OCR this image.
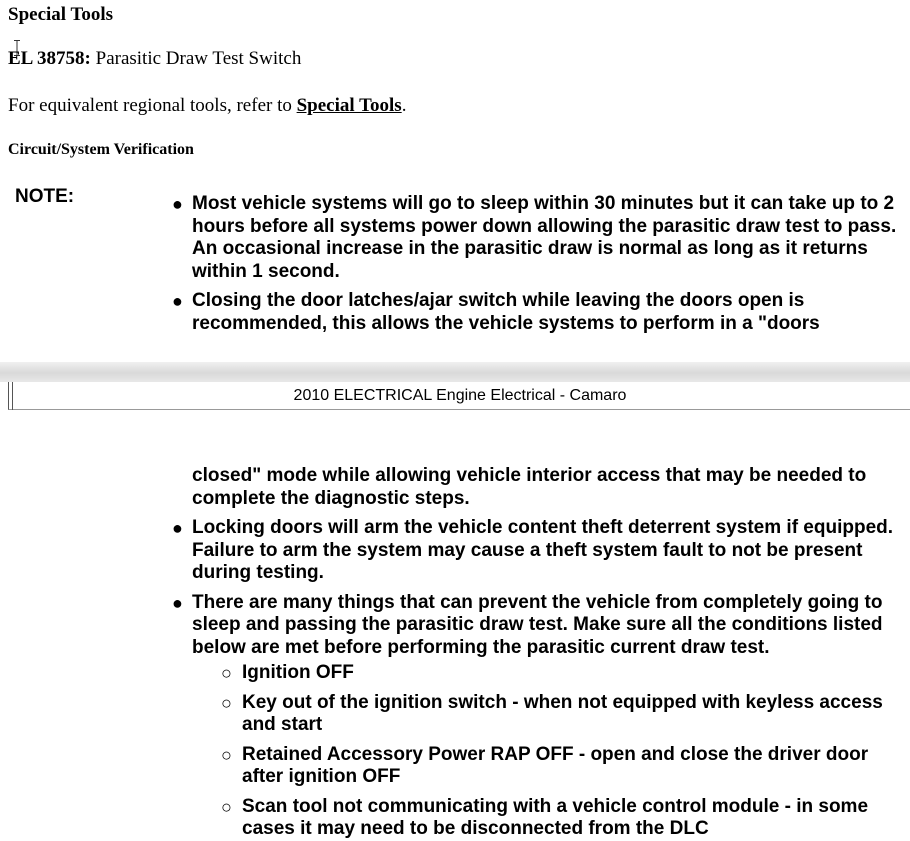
Special Tools
EL 38758: Parasitic Draw Test Switch
For equivalent regional tools, refer to Special Tools.
Circuit/System Verification
NOTE:	● Most vehicle systems will go to sleep within 30 minutes but it can take up to 2 hours before all systems power down allowing the parasitic draw test to pass. An occasional increase in the parasitic draw is normal as long as it returns within 1 second.
● Closing the door latches/ajar switch while leaving the doors open is recommended, this allows the vehicle systems to perform in a "doors
2010 ELECTRICAL Engine Electrical - Camaro
closed" mode while allowing vehicle interior access that may be needed to complete the diagnostic steps.
● Locking doors will arm the vehicle content theft deterrent system if equipped. Failure to arm the system may cause a theft system fault to not be present during testing.
● There are many things that can prevent the vehicle from completely going to sleep and passing the parasitic draw test. Make sure all the conditions listed below are met before performing the parasitic current draw test.
○ Ignition OFF
○ Key out of the ignition switch - when not equipped with keyless access and start
○ Retained Accessory Power RAP OFF - open and close the driver door after ignition OFF
○ Scan tool not communicating with a vehicle control module - in some cases it may need to be disconnected from the DLC
